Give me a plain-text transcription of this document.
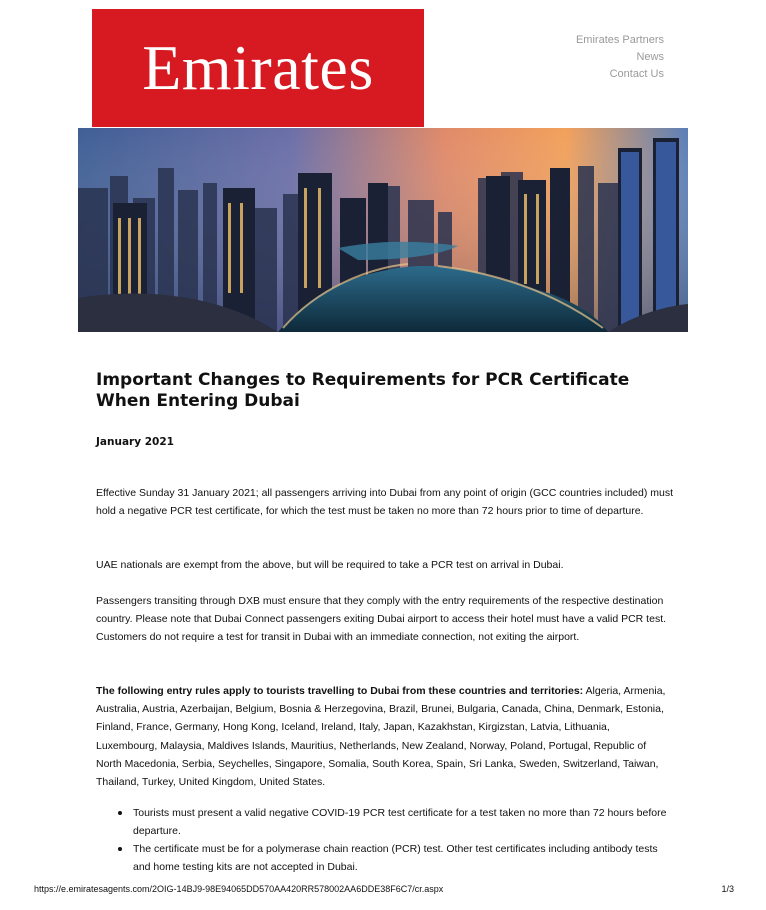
Emirates	Emirates Partners
News
Contact Us
Important Changes to Requirements for PCR Certificate When Entering Dubai

January 2021

Effective Sunday 31 January 2021; all passengers arriving into Dubai from any point of origin (GCC countries included) must hold a negative PCR test certificate, for which the test must be taken no more than 72 hours prior to time of departure.

UAE nationals are exempt from the above, but will be required to take a PCR test on arrival in Dubai.

Passengers transiting through DXB must ensure that they comply with the entry requirements of the respective destination country. Please note that Dubai Connect passengers exiting Dubai airport to access their hotel must have a valid PCR test. Customers do not require a test for transit in Dubai with an immediate connection, not exiting the airport.

The following entry rules apply to tourists travelling to Dubai from these countries and territories: Algeria, Armenia, Australia, Austria, Azerbaijan, Belgium, Bosnia & Herzegovina, Brazil, Brunei, Bulgaria, Canada, China, Denmark, Estonia, Finland, France, Germany, Hong Kong, Iceland, Ireland, Italy, Japan, Kazakhstan, Kirgizstan, Latvia, Lithuania, Luxembourg, Malaysia, Maldives Islands, Mauritius, Netherlands, New Zealand, Norway, Poland, Portugal, Republic of North Macedonia, Serbia, Seychelles, Singapore, Somalia, South Korea, Spain, Sri Lanka, Sweden, Switzerland, Taiwan, Thailand, Turkey, United Kingdom, United States.

Tourists must present a valid negative COVID-19 PCR test certificate for a test taken no more than 72 hours before departure.
The certificate must be for a polymerase chain reaction (PCR) test. Other test certificates including antibody tests and home testing kits are not accepted in Dubai.
https://e.emiratesagents.com/2OIG-14BJ9-98E94065DD570AA420RR578002AA6DDE38F6C7/cr.aspx	1/3
